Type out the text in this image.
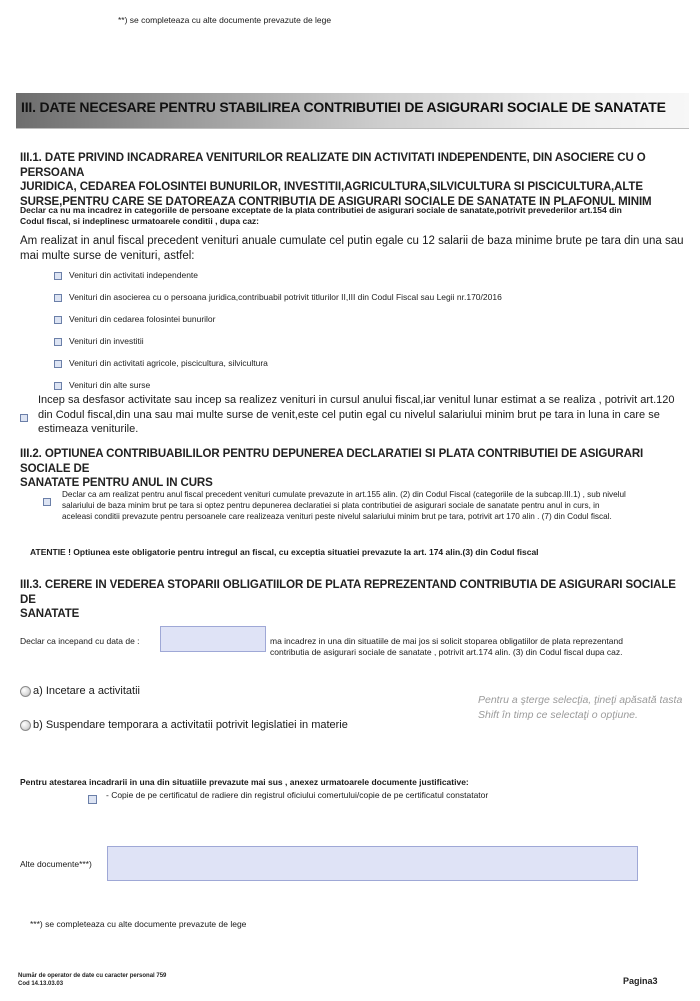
**) se completeaza cu alte documente prevazute de lege
III. DATE NECESARE PENTRU STABILIREA CONTRIBUTIEI DE ASIGURARI SOCIALE DE SANATATE
III.1. DATE PRIVIND INCADRAREA VENITURILOR REALIZATE DIN ACTIVITATI INDEPENDENTE, DIN ASOCIERE CU O PERSOANA
JURIDICA, CEDAREA FOLOSINTEI BUNURILOR, INVESTITII,AGRICULTURA,SILVICULTURA SI PISCICULTURA,ALTE
SURSE,PENTRU CARE SE DATOREAZA CONTRIBUTIA DE ASIGURARI SOCIALE DE SANATATE IN PLAFONUL MINIM
Declar ca nu ma incadrez in categoriile de persoane exceptate de la plata contributiei de asigurari sociale de sanatate,potrivit prevederilor art.154 din
Codul fiscal, si indeplinesc urmatoarele conditii , dupa caz:
Am realizat in anul fiscal precedent venituri anuale cumulate cel putin egale cu 12 salarii de baza minime brute pe tara din una sau
mai multe surse de venituri, astfel:
Venituri din activitati independente
Venituri din asocierea cu o persoana juridica,contribuabil potrivit titlurilor II,III din Codul Fiscal sau Legii nr.170/2016
Venituri din cedarea folosintei bunurilor
Venituri din investitii
Venituri din activitati agricole, piscicultura, silvicultura
Venituri din alte surse
Incep sa desfasor activitate sau incep sa realizez venituri in cursul anului fiscal,iar venitul lunar estimat a se realiza , potrivit art.120
din Codul fiscal,din una sau mai multe surse de venit,este cel putin egal cu nivelul salariului minim brut pe tara in luna in care se
estimeaza veniturile.
III.2. OPTIUNEA CONTRIBUABILILOR PENTRU DEPUNEREA DECLARATIEI SI PLATA CONTRIBUTIEI DE ASIGURARI SOCIALE DE
SANATATE PENTRU ANUL IN CURS
Declar ca am realizat pentru anul fiscal precedent venituri cumulate prevazute in art.155 alin. (2) din Codul Fiscal (categoriile de la subcap.III.1) , sub nivelul
salariului de baza minim brut pe tara si optez pentru depunerea declaratiei si plata contributiei de asigurari sociale de sanatate pentru anul in curs, in
aceleasi conditii prevazute pentru persoanele care realizeaza venituri peste nivelul salariului minim brut pe tara, potrivit art 170 alin . (7) din Codul fiscal.
ATENTIE ! Optiunea este obligatorie pentru intregul an fiscal, cu exceptia situatiei prevazute la art. 174 alin.(3) din Codul fiscal
III.3. CERERE IN VEDEREA STOPARII OBLIGATIILOR DE PLATA REPREZENTAND CONTRIBUTIA DE ASIGURARI SOCIALE DE
SANATATE
Declar ca incepand cu data de :	ma incadrez in una din situatiile de mai jos si solicit stoparea obligatiilor de plata reprezentand
contributia de asigurari sociale de sanatate , potrivit art.174 alin. (3) din Codul fiscal dupa caz.
a) Incetare a activitatii
b) Suspendare temporara a activitatii potrivit legislatiei in materie
Pentru a şterge selecţia, ţineţi apăsată tasta
Shift în timp ce selectaţi o opţiune.
Pentru atestarea incadrarii in una din situatiile prevazute mai sus , anexez urmatoarele documente justificative:
- Copie de pe certificatul de radiere din registrul oficiului comertului/copie de pe certificatul constatator
Alte documente***)
***) se completeaza cu alte documente prevazute de lege
Număr de operator de date cu caracter personal 759
Cod 14.13.03.03	Pagina3
